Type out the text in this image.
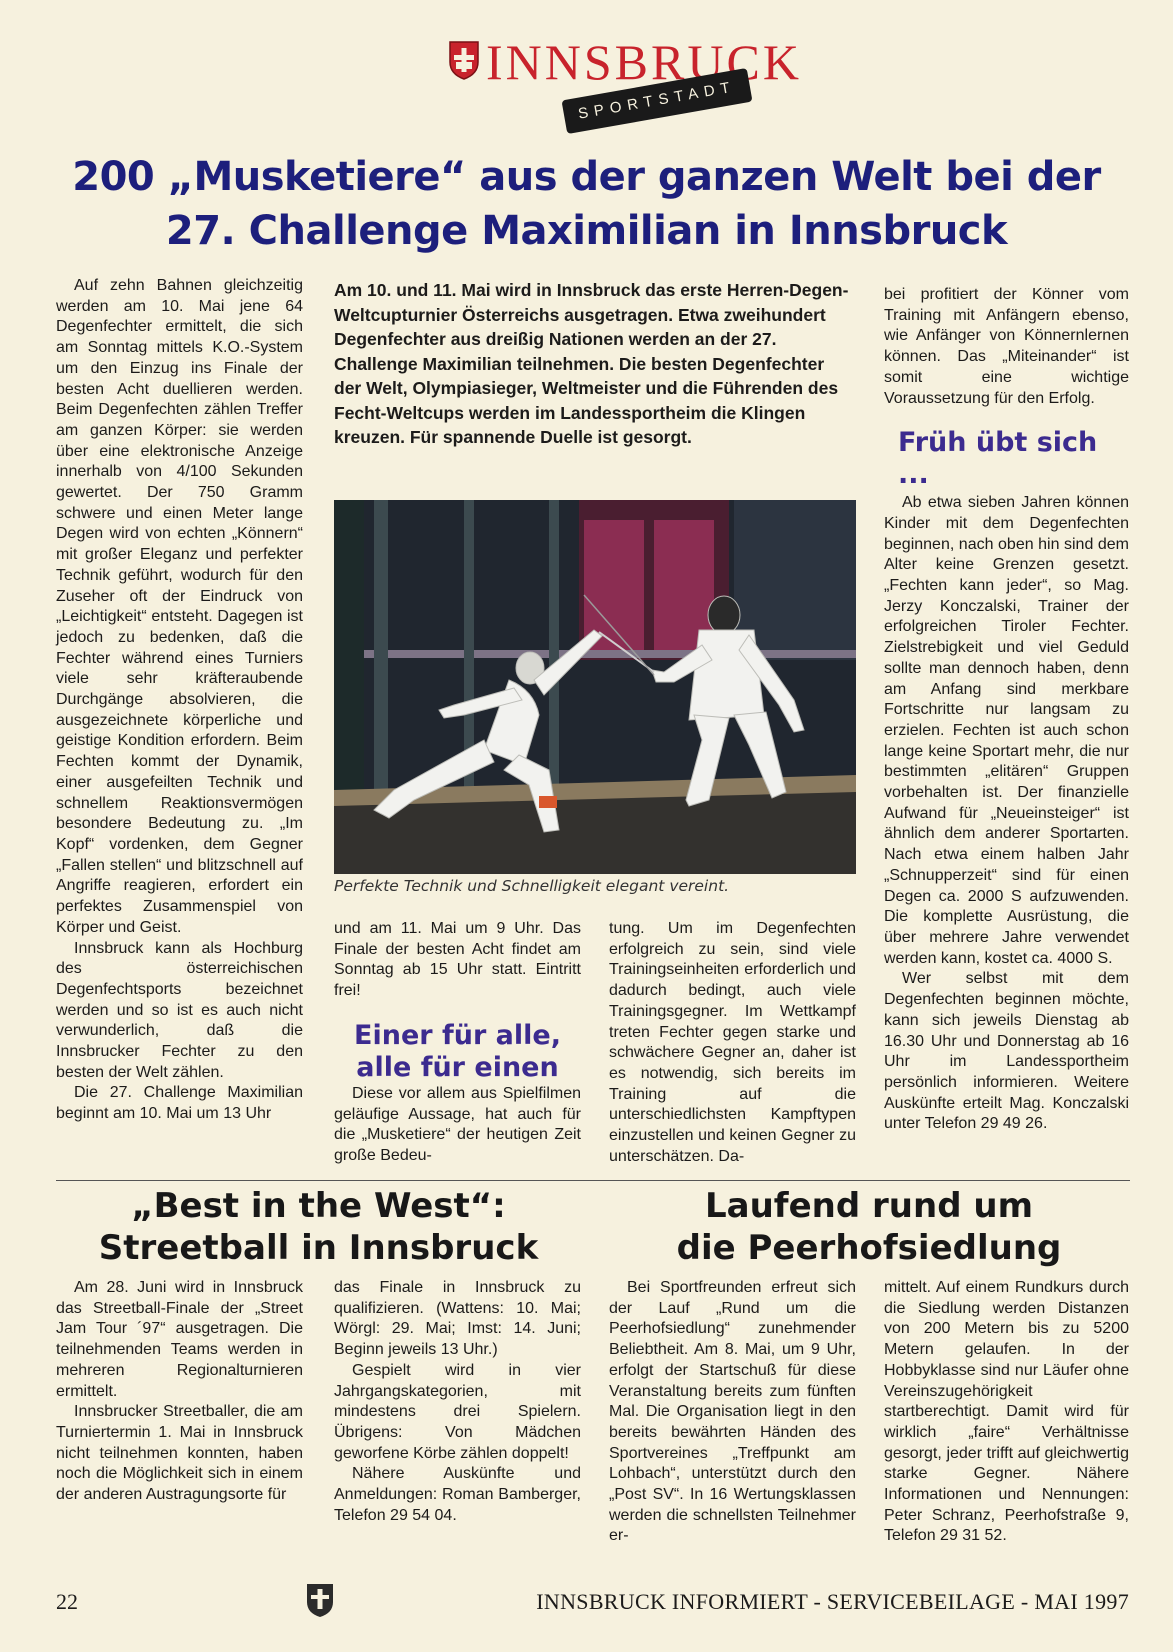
INNSBRUCK
SPORTSTADT
200 „Musketiere“ aus der ganzen Welt bei der
27. Challenge Maximilian in Innsbruck

Auf zehn Bahnen gleichzeitig werden am 10. Mai jene 64 Degenfechter ermittelt, die sich am Sonntag mittels K.O.-System um den Einzug ins Finale der besten Acht duellieren werden. Beim Degenfechten zählen Treffer am ganzen Körper: sie werden über eine elektronische Anzeige innerhalb von 4/100 Sekunden gewertet. Der 750 Gramm schwere und einen Meter lange Degen wird von echten „Könnern“ mit großer Eleganz und perfekter Technik geführt, wodurch für den Zuseher oft der Eindruck von „Leichtigkeit“ entsteht. Dagegen ist jedoch zu bedenken, daß die Fechter während eines Turniers viele sehr kräfteraubende Durchgänge absolvieren, die ausgezeichnete körperliche und geistige Kondition erfordern. Beim Fechten kommt der Dynamik, einer ausgefeilten Technik und schnellem Reaktionsvermögen besondere Bedeutung zu. „Im Kopf“ vordenken, dem Gegner „Fallen stellen“ und blitzschnell auf Angriffe reagieren, erfordert ein perfektes Zusammenspiel von Körper und Geist.

Innsbruck kann als Hochburg des österreichischen Degenfechtsports bezeichnet werden und so ist es auch nicht verwunderlich, daß die Innsbrucker Fechter zu den besten der Welt zählen.

Die 27. Challenge Maximilian beginnt am 10. Mai um 13 Uhr

Am 10. und 11. Mai wird in Innsbruck das erste Herren-Degen-Weltcupturnier Österreichs ausgetragen. Etwa zweihundert Degenfechter aus dreißig Nationen werden an der 27. Challenge Maximilian teilnehmen. Die besten Degenfechter der Welt, Olympiasieger, Weltmeister und die Führenden des Fecht-Weltcups werden im Landessportheim die Klingen kreuzen. Für spannende Duelle ist gesorgt.
Perfekte Technik und Schnelligkeit elegant vereint.

und am 11. Mai um 9 Uhr. Das Finale der besten Acht findet am Sonntag ab 15 Uhr statt. Eintritt frei!

Einer für alle,
alle für einen

Diese vor allem aus Spielfilmen geläufige Aussage, hat auch für die „Musketiere“ der heutigen Zeit große Bedeu-

tung. Um im Degenfechten erfolgreich zu sein, sind viele Trainingseinheiten erforderlich und dadurch bedingt, auch viele Trainingsgegner. Im Wettkampf treten Fechter gegen starke und schwächere Gegner an, daher ist es notwendig, sich bereits im Training auf die unterschiedlichsten Kampftypen einzustellen und keinen Gegner zu unterschätzen. Da-

bei profitiert der Könner vom Training mit Anfängern ebenso, wie Anfänger von Könnernlernen können. Das „Miteinander“ ist somit eine wichtige Voraussetzung für den Erfolg.

Früh übt sich ...

Ab etwa sieben Jahren können Kinder mit dem Degenfechten beginnen, nach oben hin sind dem Alter keine Grenzen gesetzt. „Fechten kann jeder“, so Mag. Jerzy Konczalski, Trainer der erfolgreichen Tiroler Fechter. Zielstrebigkeit und viel Geduld sollte man dennoch haben, denn am Anfang sind merkbare Fortschritte nur langsam zu erzielen. Fechten ist auch schon lange keine Sportart mehr, die nur bestimmten „elitären“ Gruppen vorbehalten ist. Der finanzielle Aufwand für „Neueinsteiger“ ist ähnlich dem anderer Sportarten. Nach etwa einem halben Jahr „Schnupperzeit“ sind für einen Degen ca. 2000 S aufzuwenden. Die komplette Ausrüstung, die über mehrere Jahre verwendet werden kann, kostet ca. 4000 S.

Wer selbst mit dem Degenfechten beginnen möchte, kann sich jeweils Dienstag ab 16.30 Uhr und Donnerstag ab 16 Uhr im Landessportheim persönlich informieren. Weitere Auskünfte erteilt Mag. Konczalski unter Telefon 29 49 26.

„Best in the West“:
Streetball in Innsbruck

Am 28. Juni wird in Innsbruck das Streetball-Finale der „Street Jam Tour ´97“ ausgetragen. Die teilnehmenden Teams werden in mehreren Regionalturnieren ermittelt.

Innsbrucker Streetballer, die am Turniertermin 1. Mai in Innsbruck nicht teilnehmen konnten, haben noch die Möglichkeit sich in einem der anderen Austragungsorte für

das Finale in Innsbruck zu qualifizieren. (Wattens: 10. Mai; Wörgl: 29. Mai; Imst: 14. Juni; Beginn jeweils 13 Uhr.)

Gespielt wird in vier Jahrgangskategorien, mit mindestens drei Spielern. Übrigens: Von Mädchen geworfene Körbe zählen doppelt!

Nähere Auskünfte und Anmeldungen: Roman Bamberger, Telefon 29 54 04.

Laufend rund um
die Peerhofsiedlung

Bei Sportfreunden erfreut sich der Lauf „Rund um die Peerhofsiedlung“ zunehmender Beliebtheit. Am 8. Mai, um 9 Uhr, erfolgt der Startschuß für diese Veranstaltung bereits zum fünften Mal. Die Organisation liegt in den bereits bewährten Händen des Sportvereines „Treffpunkt am Lohbach“, unterstützt durch den „Post SV“. In 16 Wertungsklassen werden die schnellsten Teilnehmer er-

mittelt. Auf einem Rundkurs durch die Siedlung werden Distanzen von 200 Metern bis zu 5200 Metern gelaufen. In der Hobbyklasse sind nur Läufer ohne Vereinszugehörigkeit startberechtigt. Damit wird für wirklich „faire“ Verhältnisse gesorgt, jeder trifft auf gleichwertig starke Gegner. Nähere Informationen und Nennungen: Peter Schranz, Peerhofstraße 9, Telefon 29 31 52.

22	INNSBRUCK INFORMIERT - SERVICEBEILAGE - MAI 1997
